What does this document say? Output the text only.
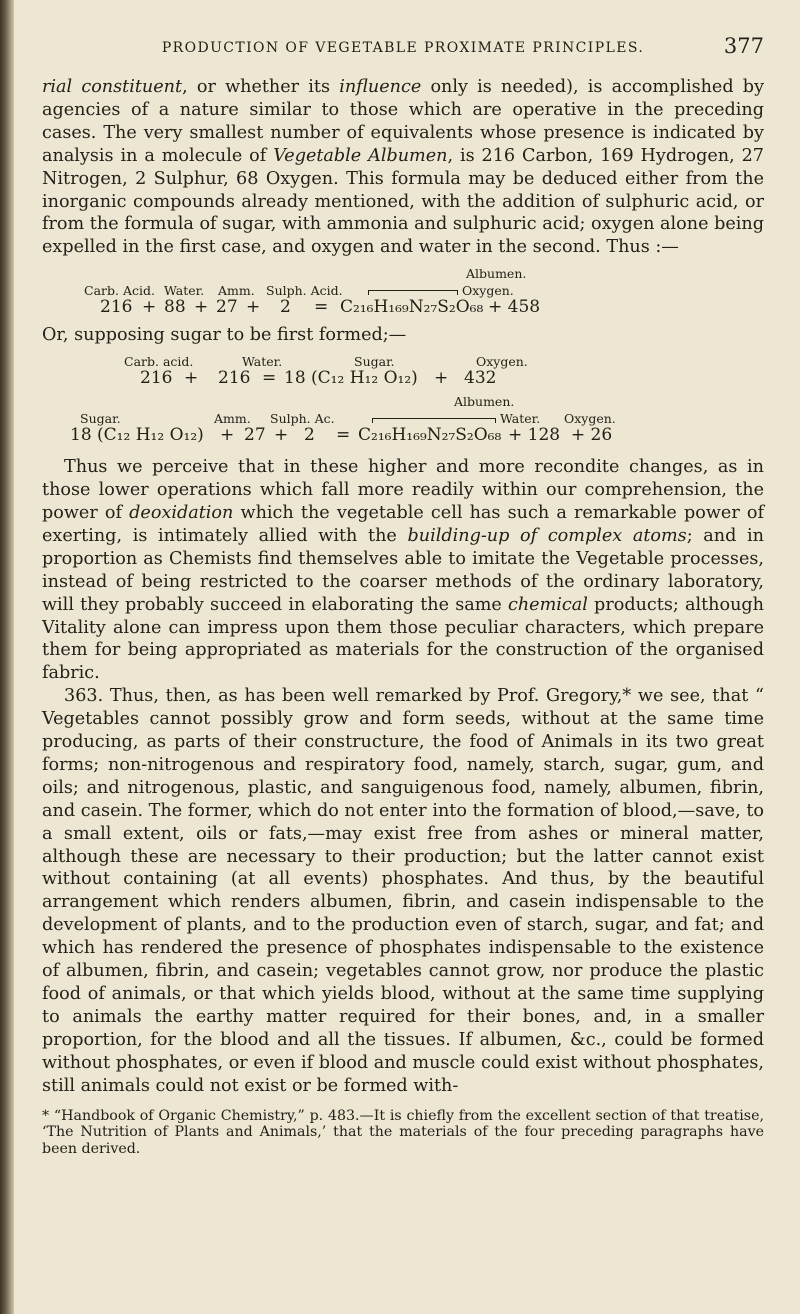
PRODUCTION OF VEGETABLE PROXIMATE PRINCIPLES.	377

rial constituent, or whether its influence only is needed), is accomplished by agencies of a nature similar to those which are operative in the preceding cases. The very smallest number of equivalents whose presence is indicated by analysis in a molecule of Vegetable Albumen, is 216 Carbon, 169 Hydrogen, 27 Nitrogen, 2 Sulphur, 68 Oxygen. This formula may be deduced either from the inorganic compounds already mentioned, with the addition of sulphuric acid, or from the formula of sugar, with ammonia and sulphuric acid; oxygen alone being expelled in the first case, and oxygen and water in the second. Thus :—

Albumen.
Carb. Acid. Water.	Amm. Sulph. Acid.	Oxygen.
216 + 88 + 27 +	2	= C₂₁₆H₁₆₉N₂₇S₂O₆₈ + 458

Or, supposing sugar to be first formed;—

Carb. acid.	Water.	Sugar.	Oxygen.
216 +	216 = 18 (C₁₂ H₁₂ O₁₂) + 432
Albumen.
Sugar.	Amm.	Sulph. Ac.	Water.	Oxygen.
18 (C₁₂ H₁₂ O₁₂) + 27 + 2	= C₂₁₆H₁₆₉N₂₇S₂O₆₈ + 128  + 26

Thus we perceive that in these higher and more recondite changes, as in those lower operations which fall more readily within our comprehension, the power of deoxidation which the vegetable cell has such a remarkable power of exerting, is intimately allied with the building-up of complex atoms; and in proportion as Chemists find themselves able to imitate the Vegetable processes, instead of being restricted to the coarser methods of the ordinary laboratory, will they probably succeed in elaborating the same chemical products; although Vitality alone can impress upon them those peculiar characters, which prepare them for being appropriated as materials for the construction of the organised fabric.

363. Thus, then, as has been well remarked by Prof. Gregory,* we see, that “ Vegetables cannot possibly grow and form seeds, without at the same time producing, as parts of their constructure, the food of Animals in its two great forms; non-nitrogenous and respiratory food, namely, starch, sugar, gum, and oils; and nitrogenous, plastic, and sanguigenous food, namely, albumen, fibrin, and casein. The former, which do not enter into the formation of blood,—save, to a small extent, oils or fats,—may exist free from ashes or mineral matter, although these are necessary to their production; but the latter cannot exist without containing (at all events) phosphates. And thus, by the beautiful arrangement which renders albumen, fibrin, and casein indispensable to the development of plants, and to the production even of starch, sugar, and fat; and which has rendered the presence of phosphates indispensable to the existence of albumen, fibrin, and casein; vegetables cannot grow, nor produce the plastic food of animals, or that which yields blood, without at the same time supplying to animals the earthy matter required for their bones, and, in a smaller proportion, for the blood and all the tissues. If albumen, &c., could be formed without phosphates, or even if blood and muscle could exist without phosphates, still animals could not exist or be formed with-

* “Handbook of Organic Chemistry,” p. 483.—It is chiefly from the excellent section of that treatise, ‘The Nutrition of Plants and Animals,’ that the materials of the four preceding paragraphs have been derived.
